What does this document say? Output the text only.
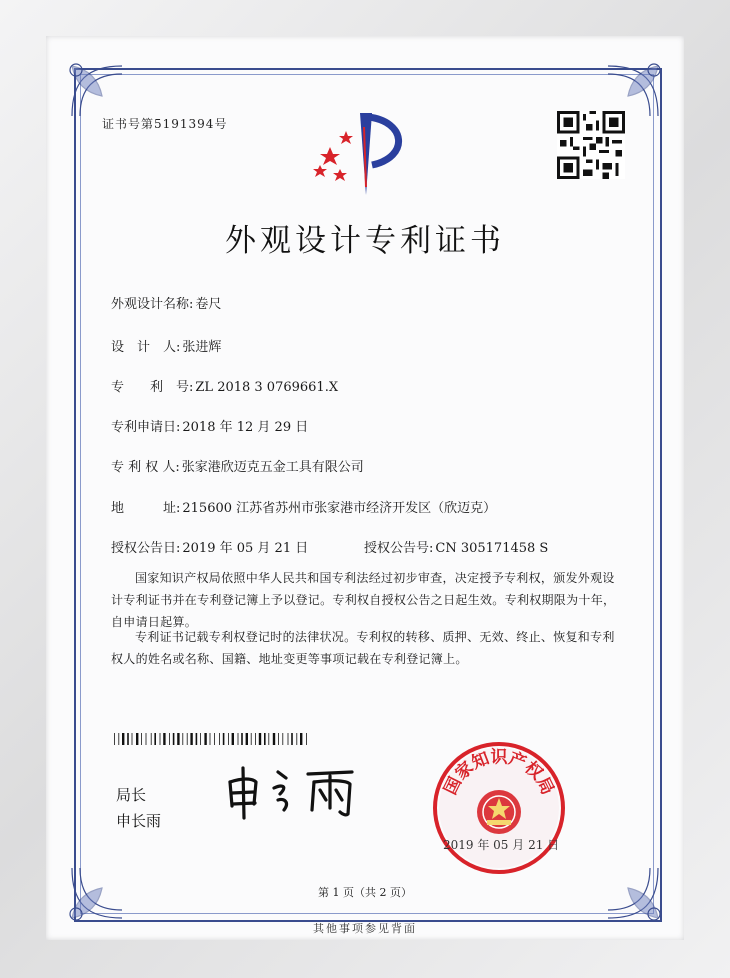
证书号第5191394号
外观设计专利证书
外观设计名称: 卷尺
设　计　人: 张进辉
专　　利　号: ZL 2018 3 0769661.X
专利申请日: 2018 年 12 月 29 日
专 利 权 人: 张家港欣迈克五金工具有限公司
地　　　址: 215600 江苏省苏州市张家港市经济开发区（欣迈克）
授权公告日: 2019 年 05 月 21 日	授权公告号: CN 305171458 S
国家知识产权局依照中华人民共和国专利法经过初步审查，决定授予专利权，颁发外观设计专利证书并在专利登记簿上予以登记。专利权自授权公告之日起生效。专利权期限为十年，自申请日起算。
专利证书记载专利权登记时的法律状况。专利权的转移、质押、无效、终止、恢复和专利权人的姓名或名称、国籍、地址变更等事项记载在专利登记簿上。
局长
申长雨
国家知识产权局
2019 年 05 月 21 日
第 1 页（共 2 页）
其他事项参见背面
